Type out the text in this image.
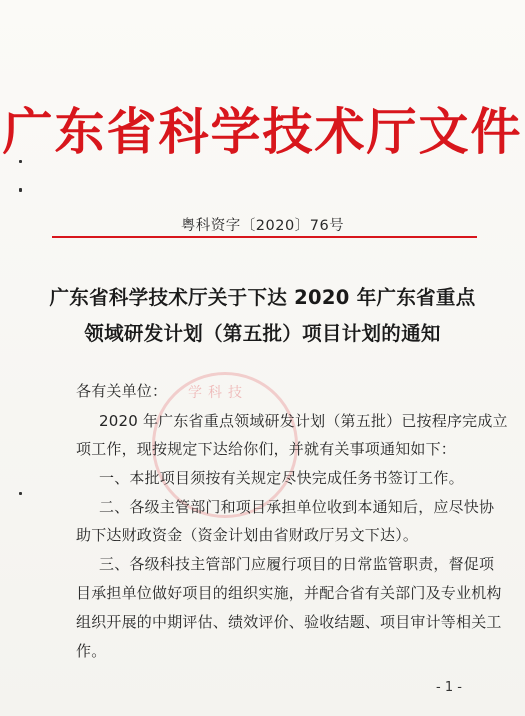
广东省科学技术厅文件
粤科资字〔2020〕76号
广东省科学技术厅关于下达 2020 年广东省重点
领域研发计划（第五批）项目计划的通知
学科技
各有关单位：
2020 年广东省重点领域研发计划（第五批）已按程序完成立
项工作，现按规定下达给你们，并就有关事项通知如下：
一、本批项目须按有关规定尽快完成任务书签订工作。
二、各级主管部门和项目承担单位收到本通知后，应尽快协
助下达财政资金（资金计划由省财政厅另文下达）。
三、各级科技主管部门应履行项目的日常监管职责，督促项
目承担单位做好项目的组织实施，并配合省有关部门及专业机构
组织开展的中期评估、绩效评价、验收结题、项目审计等相关工
作。
- 1 -
